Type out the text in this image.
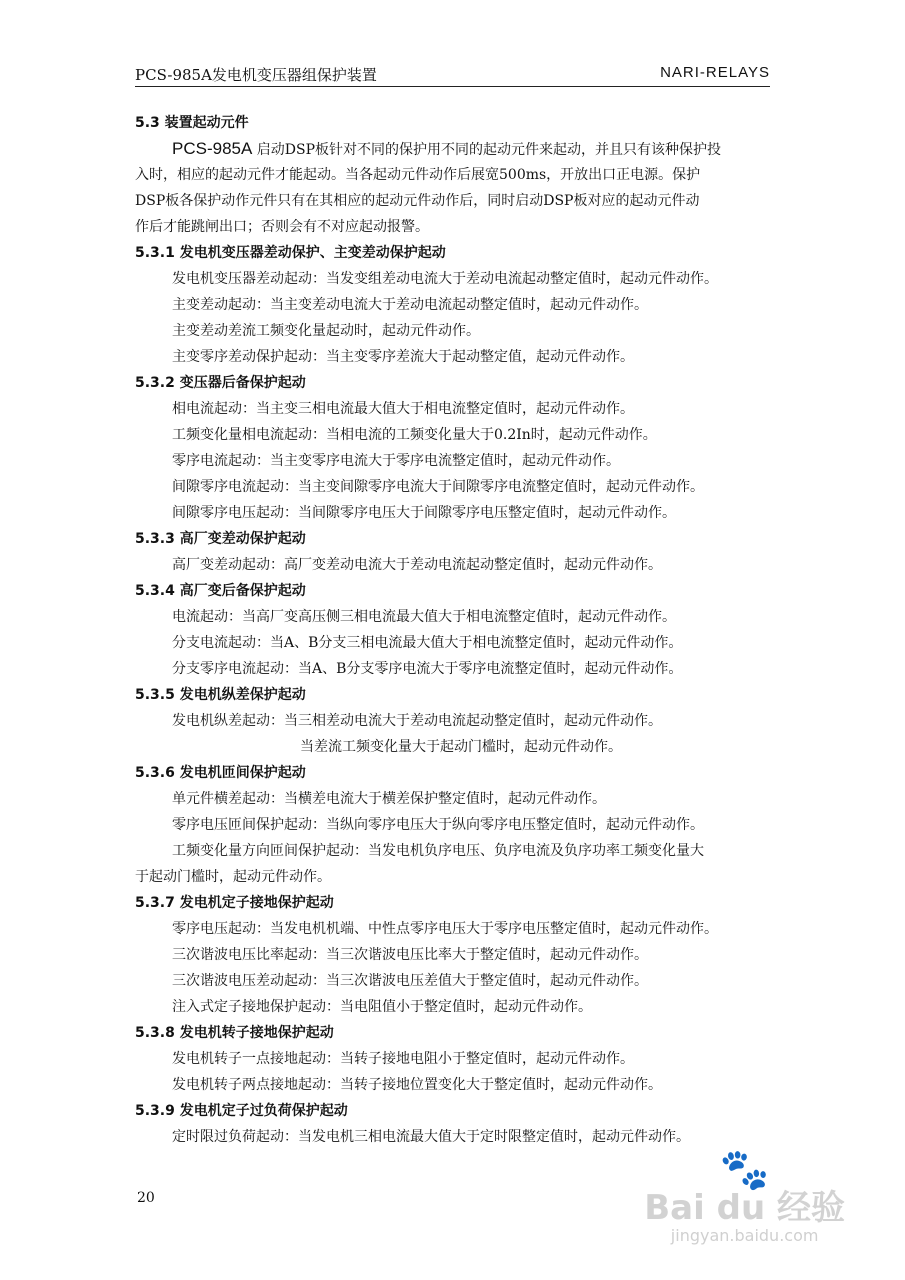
PCS-985A发电机变压器组保护装置	NARI-RELAYS
5.3 装置起动元件
PCS-985A 启动DSP板针对不同的保护用不同的起动元件来起动，并且只有该种保护投
入时，相应的起动元件才能起动。当各起动元件动作后展宽500ms，开放出口正电源。保护
DSP板各保护动作元件只有在其相应的起动元件动作后，同时启动DSP板对应的起动元件动
作后才能跳闸出口；否则会有不对应起动报警。
5.3.1 发电机变压器差动保护、主变差动保护起动
发电机变压器差动起动：当发变组差动电流大于差动电流起动整定值时，起动元件动作。
主变差动起动：当主变差动电流大于差动电流起动整定值时，起动元件动作。
主变差动差流工频变化量起动时，起动元件动作。
主变零序差动保护起动：当主变零序差流大于起动整定值，起动元件动作。
5.3.2 变压器后备保护起动
相电流起动：当主变三相电流最大值大于相电流整定值时，起动元件动作。
工频变化量相电流起动：当相电流的工频变化量大于0.2In时，起动元件动作。
零序电流起动：当主变零序电流大于零序电流整定值时，起动元件动作。
间隙零序电流起动：当主变间隙零序电流大于间隙零序电流整定值时，起动元件动作。
间隙零序电压起动：当间隙零序电压大于间隙零序电压整定值时，起动元件动作。
5.3.3 高厂变差动保护起动
高厂变差动起动：高厂变差动电流大于差动电流起动整定值时，起动元件动作。
5.3.4 高厂变后备保护起动
电流起动：当高厂变高压侧三相电流最大值大于相电流整定值时，起动元件动作。
分支电流起动：当A、B分支三相电流最大值大于相电流整定值时，起动元件动作。
分支零序电流起动：当A、B分支零序电流大于零序电流整定值时，起动元件动作。
5.3.5 发电机纵差保护起动
发电机纵差起动：当三相差动电流大于差动电流起动整定值时，起动元件动作。
当差流工频变化量大于起动门槛时，起动元件动作。
5.3.6 发电机匝间保护起动
单元件横差起动：当横差电流大于横差保护整定值时，起动元件动作。
零序电压匝间保护起动：当纵向零序电压大于纵向零序电压整定值时，起动元件动作。
工频变化量方向匝间保护起动：当发电机负序电压、负序电流及负序功率工频变化量大
于起动门槛时，起动元件动作。
5.3.7 发电机定子接地保护起动
零序电压起动：当发电机机端、中性点零序电压大于零序电压整定值时，起动元件动作。
三次谐波电压比率起动：当三次谐波电压比率大于整定值时，起动元件动作。
三次谐波电压差动起动：当三次谐波电压差值大于整定值时，起动元件动作。
注入式定子接地保护起动：当电阻值小于整定值时，起动元件动作。
5.3.8 发电机转子接地保护起动
发电机转子一点接地起动：当转子接地电阻小于整定值时，起动元件动作。
发电机转子两点接地起动：当转子接地位置变化大于整定值时，起动元件动作。
5.3.9 发电机定子过负荷保护起动
定时限过负荷起动：当发电机三相电流最大值大于定时限整定值时，起动元件动作。
20
🐾
Bai du 经验
jingyan.baidu.com
